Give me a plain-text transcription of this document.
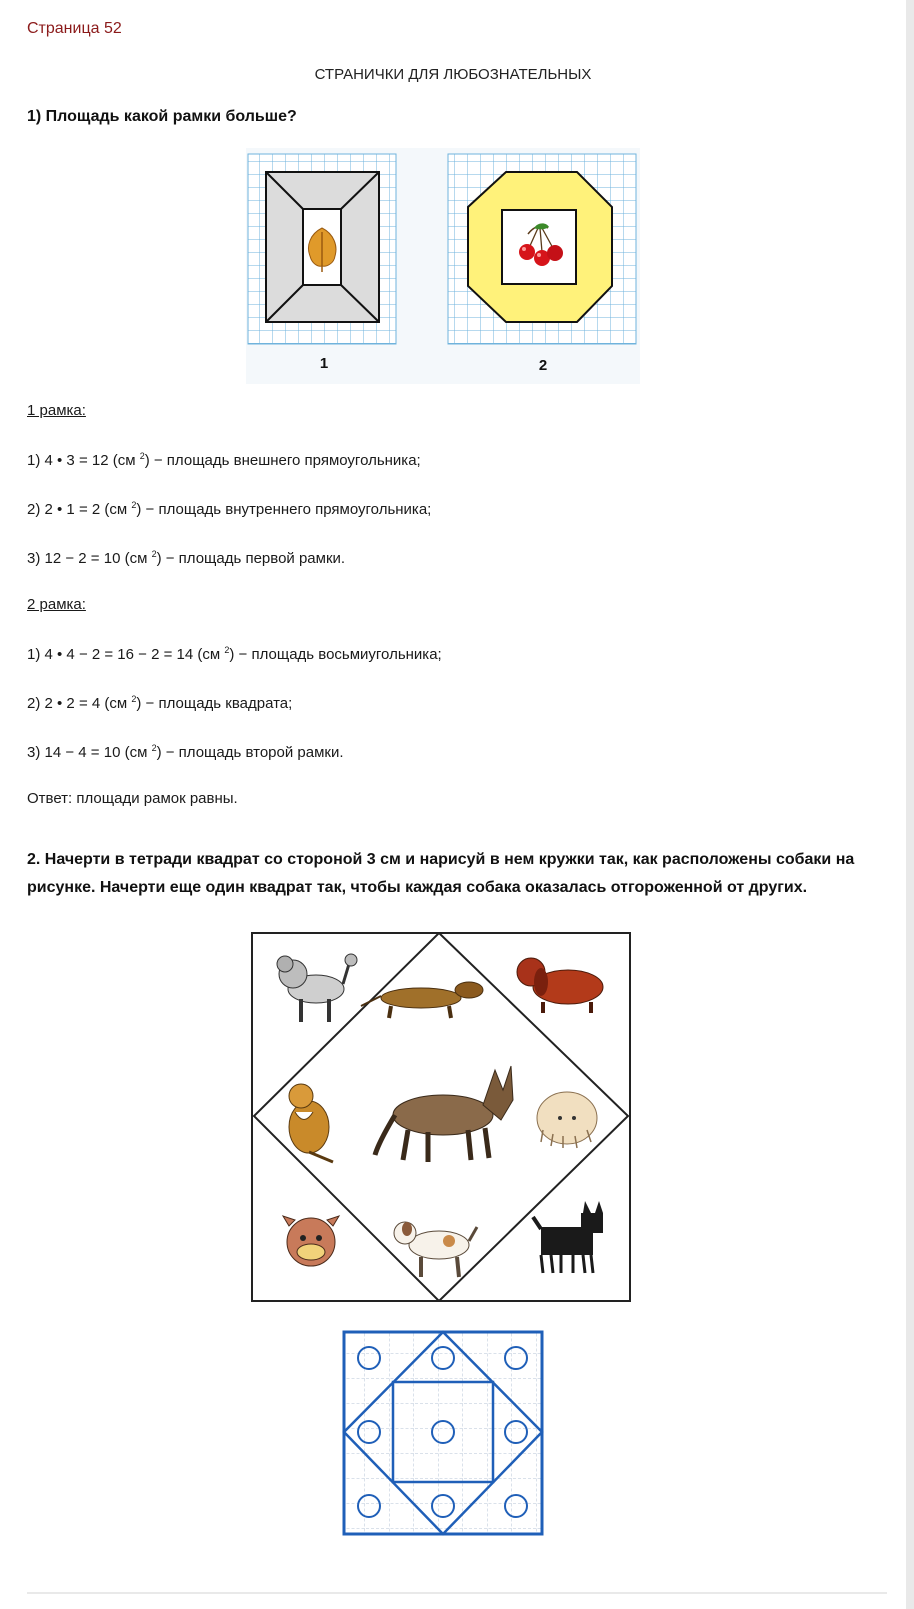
Страница 52
СТРАНИЧКИ ДЛЯ ЛЮБОЗНАТЕЛЬНЫХ
1) Площадь какой рамки больше?
1	2
1 рамка:
1) 4 • 3 = 12 (см $^2$) − площадь внешнего прямоугольника;
2) 2 • 1 = 2 (см $^2$) − площадь внутреннего прямоугольника;
3) 12 − 2 = 10 (см $^2$) − площадь первой рамки.
2 рамка:
1) 4 • 4 − 2 = 16 − 2 = 14 (см $^2$) − площадь восьмиугольника;
2) 2 • 2 = 4 (см $^2$) − площадь квадрата;
3) 14 − 4 = 10 (см $^2$) − площадь второй рамки.
Ответ: площади рамок равны.
2. Начерти в тетради квадрат со стороной 3 см и нарисуй в нем кружки так, как расположены собаки на рисунке. Начерти еще один квадрат так, чтобы каждая собака оказалась отгороженной от других.
